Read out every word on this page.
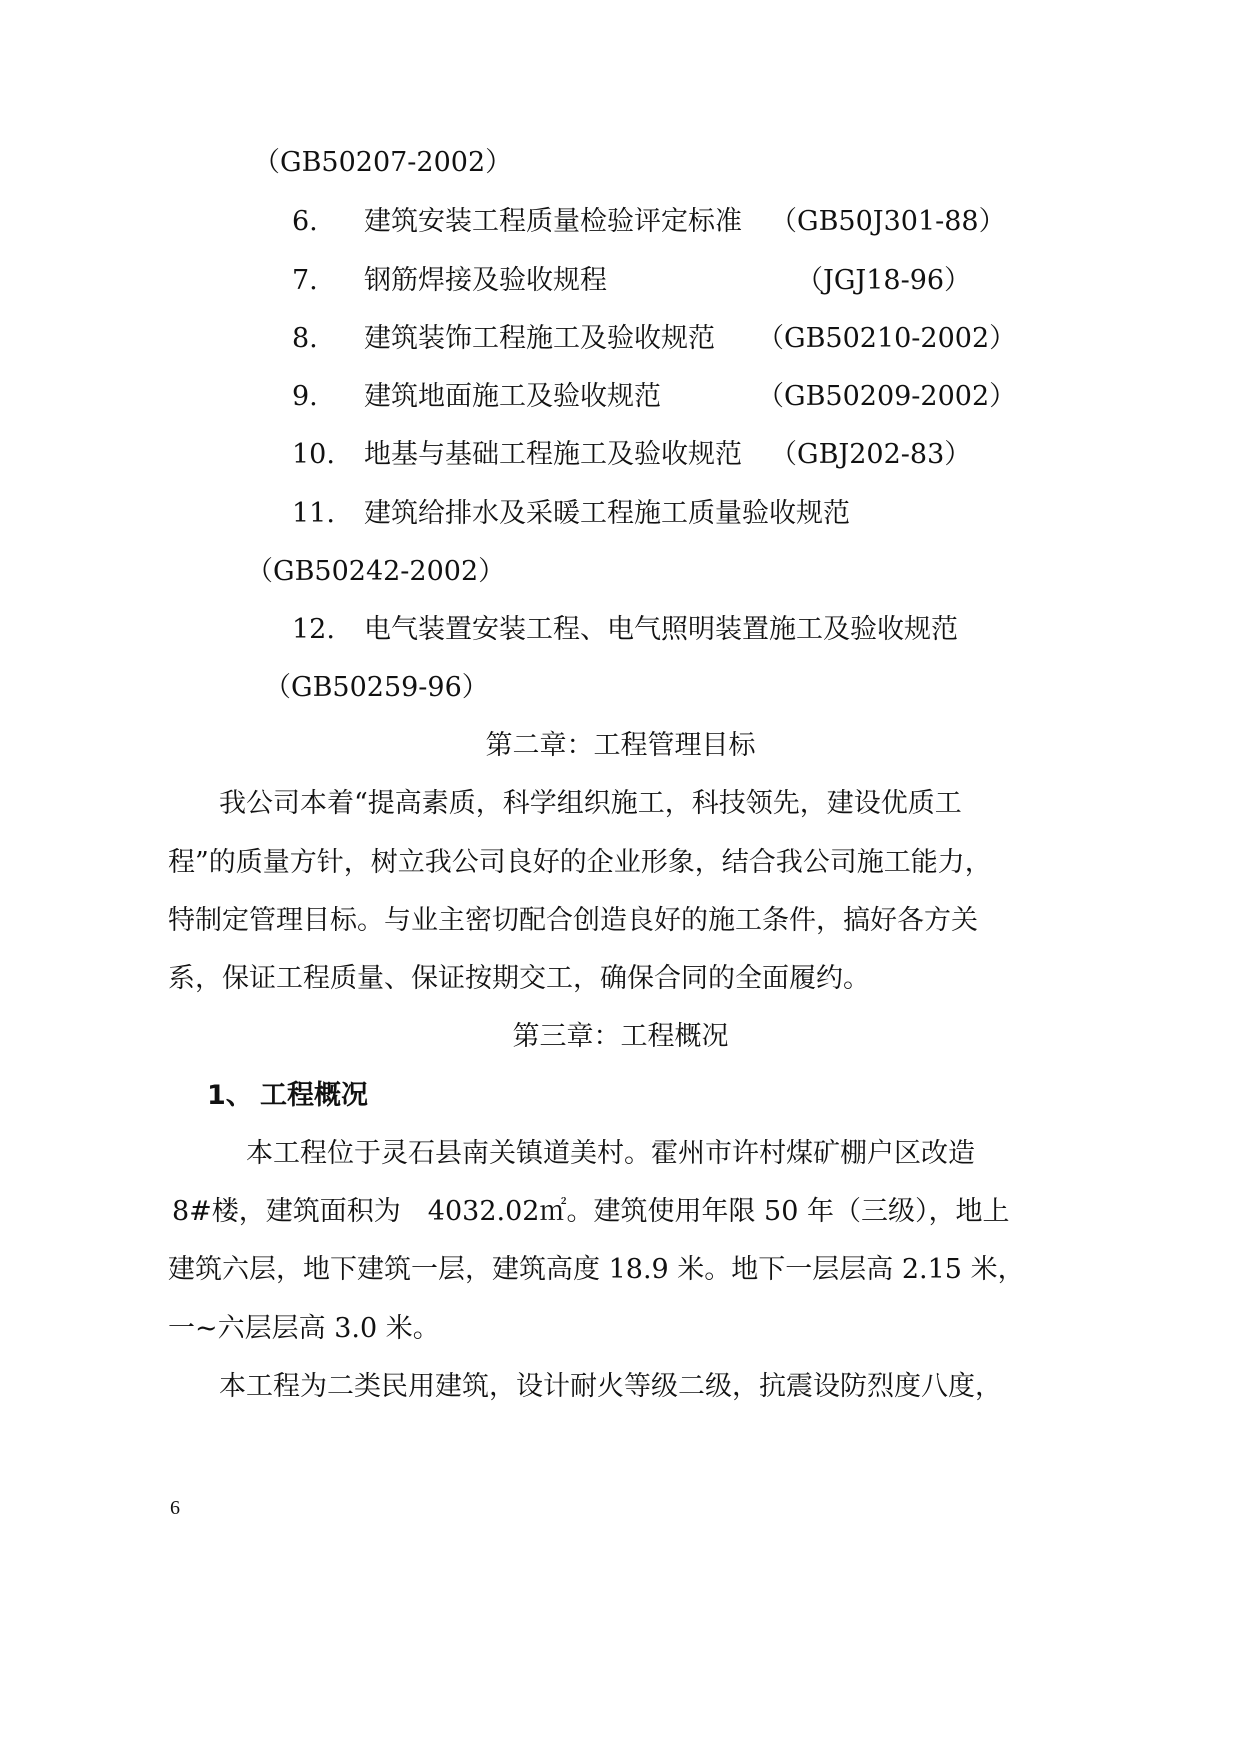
（GB50207-2002）
6. 建筑安装工程质量检验评定标准 （GB50J301-88）
7. 钢筋焊接及验收规程	（JGJ18-96）
8. 建筑装饰工程施工及验收规范 （GB50210-2002）
9. 建筑地面施工及验收规范	（GB50209-2002）
10. 地基与基础工程施工及验收规范 （GBJ202-83）
11. 建筑给排水及采暖工程施工质量验收规范
（GB50242-2002）
12. 电气装置安装工程、电气照明装置施工及验收规范
（GB50259-96）
第二章：工程管理目标
我公司本着“提高素质，科学组织施工，科技领先，建设优质工
程”的质量方针，树立我公司良好的企业形象，结合我公司施工能力，
特制定管理目标。与业主密切配合创造良好的施工条件，搞好各方关
系，保证工程质量、保证按期交工，确保合同的全面履约。
第三章：工程概况
1、 工程概况
本工程位于灵石县南关镇道美村。霍州市许村煤矿棚户区改造
8#楼，建筑面积为　4032.02㎡。建筑使用年限 50 年（三级），地上
建筑六层，地下建筑一层，建筑高度 18.9 米。地下一层层高 2.15 米，
一~六层层高 3.0 米。
本工程为二类民用建筑，设计耐火等级二级，抗震设防烈度八度，
6
